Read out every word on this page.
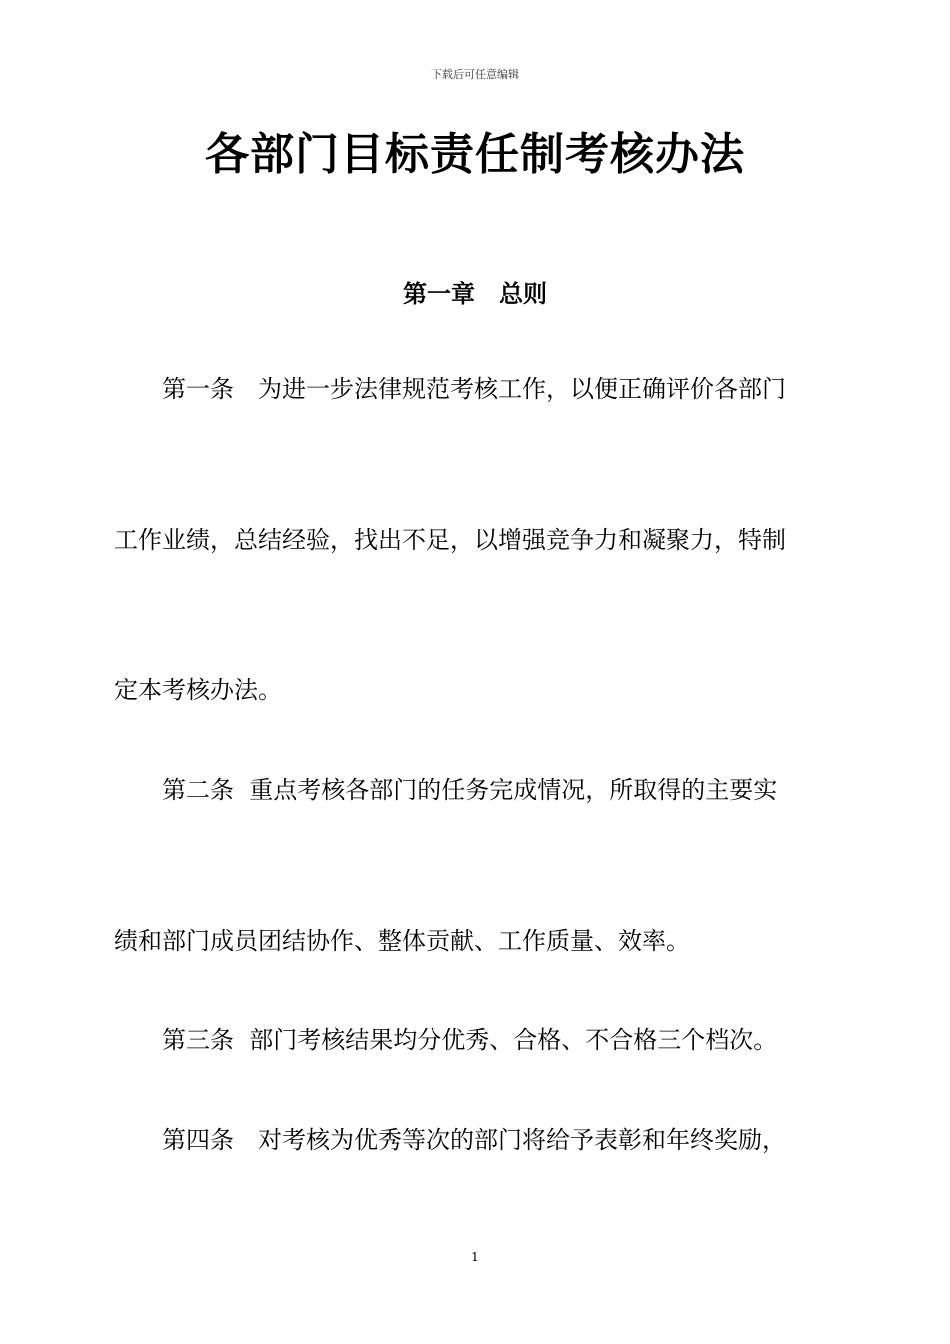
下载后可任意编辑
各部门目标责任制考核办法
第一章　总则
第一条　为进一步法律规范考核工作，以便正确评价各部门
工作业绩，总结经验，找出不足，以增强竞争力和凝聚力，特制
定本考核办法。
第二条  重点考核各部门的任务完成情况，所取得的主要实
绩和部门成员团结协作、整体贡献、工作质量、效率。
第三条  部门考核结果均分优秀、合格、不合格三个档次。
第四条　对考核为优秀等次的部门将给予表彰和年终奖励，
1
